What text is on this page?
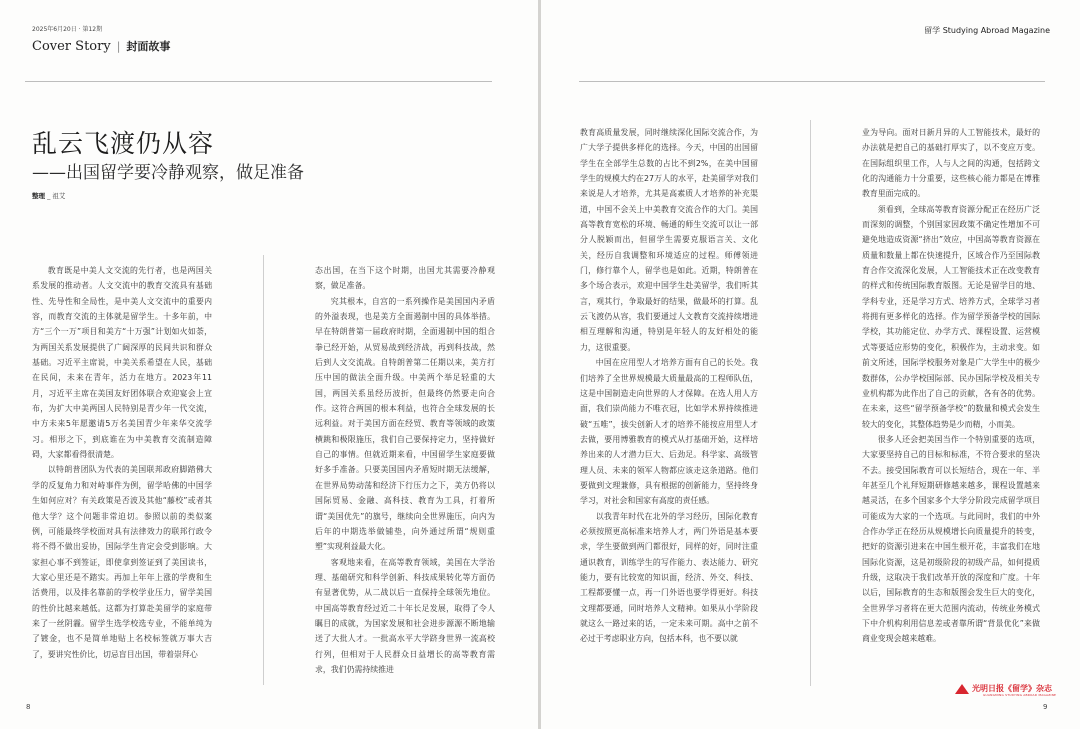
2025年6月20日 · 第12期
Cover Story | 封面故事
乱云飞渡仍从容
——出国留学要冷静观察，做足准备
整理 _ 祖艾

教育既是中美人文交流的先行者，也是两国关系发展的推动者。人文交流中的教育交流具有基础性、先导性和全局性，是中美人文交流中的重要内容，而教育交流的主体就是留学生。十多年前，中方“三个一万”项目和美方“十万强”计划如火如荼，为两国关系发展提供了广阔深厚的民间共识和群众基础。习近平主席说，中美关系希望在人民，基础在民间，未来在青年，活力在地方。2023年11月，习近平主席在美国友好团体联合欢迎宴会上宣布，为扩大中美两国人民特别是青少年一代交流，中方未来5年愿邀请5万名美国青少年来华交流学习。相形之下，到底谁在为中美教育交流制造障碍，大家都看得很清楚。

以特朗普团队为代表的美国联邦政府脚踏佛大学的反复角力和对峙事件为例，留学哈佛的中国学生如何应对？有关政策是否波及其他“藤校”或者其他大学？这个问题非常迫切。参照以前的类似案例，可能最终学校面对具有法律效力的联邦行政令将不得不做出妥协，国际学生肯定会受到影响。大家担心事不到签证，即使拿到签证到了美国读书，大家心里还是不踏实。再加上年年上涨的学费和生活费用，以及排名靠前的学校学业压力，留学美国的性价比越来越低。这都为打算赴美留学的家庭带来了一丝阴霾。留学生选学校选专业，不能单纯为了镀金，也不是简单地贴上名校标签就万事大吉了，要讲究性价比，切忌盲目出国，带着崇拜心

态出国，在当下这个时期，出国尤其需要冷静观察，做足准备。

究其根本，自宫的一系列操作是美国国内矛盾的外溢表现，也是美方全面遏制中国的具体举措。早在特朗普第一届政府时期，全面遏制中国的组合拳已经开始，从贸易战到经济战，再到科技战，然后到人文交流战。自特朗普第二任期以来，美方打压中国的做法全面升级。中美两个举足轻重的大国，两国关系虽经历波折，但最终仍然要走向合作。这符合两国的根本利益，也符合全球发展的长远利益。对于美国方面在经贸、教育等领域的政策横跳和极限施压，我们自己要保持定力，坚持做好自己的事情。但就近期来看，中国留学生家庭要做好多手准备。只要美国国内矛盾短时期无法缓解，在世界局势动荡和经济下行压力之下，美方仍将以国际贸易、金融、高科技、教育为工具，打着所谓“美国优先”的旗号，继续向全世界施压，向内为后年的中期选举做铺垫，向外通过所谓“规则重塑”实现利益最大化。

客观地来看，在高等教育领域，美国在大学治理、基础研究和科学创新、科技成果转化等方面仍有显著优势，从二战以后一直保持全球领先地位。中国高等教育经过近二十年长足发展，取得了令人瞩目的成就，为国家发展和社会进步源源不断地输送了大批人才。一批高水平大学跻身世界一流高校行列，但相对于人民群众日益增长的高等教育需求，我们仍需持续推进

8
留学 Studying Abroad Magazine
9

教育高质量发展，同时继续深化国际交流合作，为广大学子提供多样化的选择。今天，中国的出国留学生在全部学生总数的占比不到2%，在美中国留学生的规模大约在27万人的水平，赴美留学对我们来说是人才培养，尤其是高素质人才培养的补充渠道，中国不会关上中美教育交流合作的大门。美国高等教育宽松的环境、畅通的师生交流可以让一部分人脱颖而出，但留学生需要克服语言关、文化关，经历自我调整和环境适应的过程。师傅领进门，修行靠个人，留学也是如此。近期，特朗普在多个场合表示，欢迎中国学生赴美留学，我们听其言，观其行，争取最好的结果，做最坏的打算。乱云飞渡仍从容，我们要通过人文教育交流持续增进相互理解和沟通，特别是年轻人的友好相处的能力，这很重要。

中国在应用型人才培养方面有自己的长处。我们培养了全世界规模最大质量最高的工程师队伍，这是中国制造走向世界的人才保障。在选人用人方面，我们崇尚能力不唯衣冠，比如学术界持续推进破“五唯”，拔尖创新人才的培养不能按应用型人才去做，要用博雅教育的模式从打基础开始，这样培养出来的人才潜力巨大、后劲足。科学家、高级管理人员、未来的领军人物都应该走这条道路。他们要做到文理兼修，具有根据的创新能力，坚持终身学习，对社会和国家有高度的责任感。

以我青年时代在北外的学习经历，国际化教育必须按照更高标准来培养人才，两门外语是基本要求，学生要做到两门都很好，同样的好，同时注重通识教育，训练学生的写作能力、表达能力、研究能力，要有比较宽的知识面，经济、外交、科技、工程都要懂一点，再一门外语也要学得更好。科技文理都要通，同时培养人文精神。如果从小学阶段就这么一路过来的话，一定未来可期。高中之前不必过于考虑职业方向，包括本科，也不要以就

业为导向。面对日新月异的人工智能技术，最好的办法就是把自己的基础打厚实了，以不变应万变。在国际组织里工作，人与人之间的沟通，包括跨文化的沟通能力十分重要，这些核心能力都是在博雅教育里面完成的。

须看到，全球高等教育资源分配正在经历广泛而深刻的调整，个别国家因政策不确定性增加不可避免地造成资源“挤出”效应，中国高等教育资源在质量和数量上都在快速提升，区域合作乃至国际教育合作交流深化发展，人工智能技术正在改变教育的样式和传统国际教育版图。无论是留学目的地、学科专业，还是学习方式、培养方式，全球学习者将拥有更多样化的选择。作为留学预备学校的国际学校，其功能定位、办学方式、课程设置、运营模式等要适应形势的变化，积极作为，主动求变。如前文所述，国际学校服务对象是广大学生中的极少数群体，公办学校国际部、民办国际学校及相关专业机构都为此作出了自己的贡献，各有各的优势。在未来，这些“留学预备学校”的数量和模式会发生较大的变化，其整体趋势是少而精，小而美。

很多人还会把美国当作一个特别重要的选项，大家要坚持自己的目标和标准，不符合要求的坚决不去。接受国际教育可以长短结合，现在一年、半年甚至几个礼拜短期研修越来越多，课程设置越来越灵活，在多个国家多个大学分阶段完成留学项目可能成为大家的一个选项。与此同时，我们的中外合作办学正在经历从规模增长向质量提升的转变，把好的资源引进来在中国生根开花，丰富我们在地国际化资源，这是初级阶段的初级产品，如何提质升级，这取决于我们改革开放的深度和广度。十年以后，国际教育的生态和版图会发生巨大的变化，全世界学习者将在更大范围内流动，传统业务模式下中介机构利用信息差或者靠所谓“背景优化”来做商业变现会越来越难。

光明日报《留学》杂志
GUANGMING STUDYING ABROAD MAGAZINE
